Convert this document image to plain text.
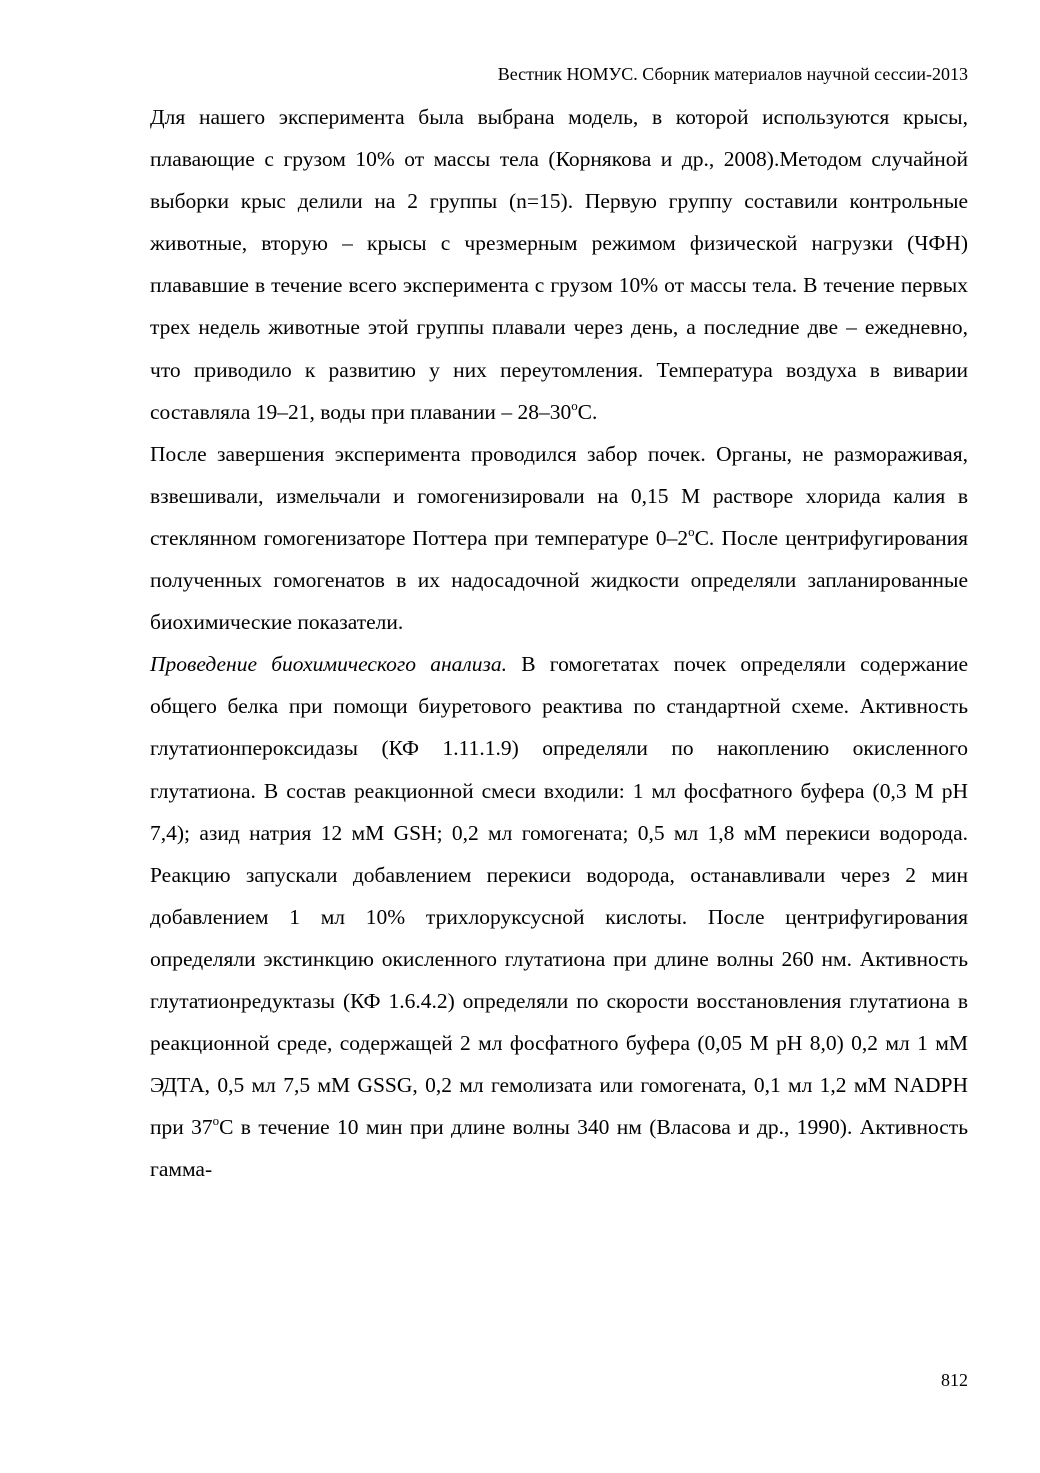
Вестник НОМУС. Сборник материалов научной сессии-2013

Для нашего эксперимента была выбрана модель, в которой используются крысы, плавающие с грузом 10% от массы тела (Корнякова и др., 2008).Методом случайной выборки крыс делили на 2 группы (n=15). Первую группу составили контрольные животные, вторую – крысы с чрезмерным режимом физической нагрузки (ЧФН) плававшие в течение всего эксперимента с грузом 10% от массы тела. В течение первых трех недель животные этой группы плавали через день, а последние две – ежедневно, что приводило к развитию у них переутомления. Температура воздуха в виварии составляла 19–21, воды при плавании – 28–30$^o$С.

После завершения эксперимента проводился забор почек. Органы, не размораживая, взвешивали, измельчали и гомогенизировали на 0,15 М растворе хлорида калия в стеклянном гомогенизаторе Поттера при температуре 0–2$^o$С. После центрифугирования полученных гомогенатов в их надосадочной жидкости определяли запланированные биохимические показатели.

Проведение биохимического анализа. В гомогетатах почек определяли содержание общего белка при помощи биуретового реактива по стандартной схеме. Активность глутатионпероксидазы (КФ 1.11.1.9) определяли по накоплению окисленного глутатиона. В состав реакционной смеси входили: 1 мл фосфатного буфера (0,3 М рН 7,4); азид натрия 12 мМ GSH; 0,2 мл гомогената; 0,5 мл 1,8 мМ перекиси водорода. Реакцию запускали добавлением перекиси водорода, останавливали через 2 мин добавлением 1 мл 10% трихлоруксусной кислоты. После центрифугирования определяли экстинкцию окисленного глутатиона при длине волны 260 нм. Активность глутатионредуктазы (КФ 1.6.4.2) определяли по скорости восстановления глутатиона в реакционной среде, содержащей 2 мл фосфатного буфера (0,05 М рН 8,0) 0,2 мл 1 мМ ЭДТА, 0,5 мл 7,5 мМ GSSG, 0,2 мл гемолизата или гомогената, 0,1 мл 1,2 мМ NADPH при 37$^o$С в течение 10 мин при длине волны 340 нм (Власова и др., 1990). Активность гамма-

812
